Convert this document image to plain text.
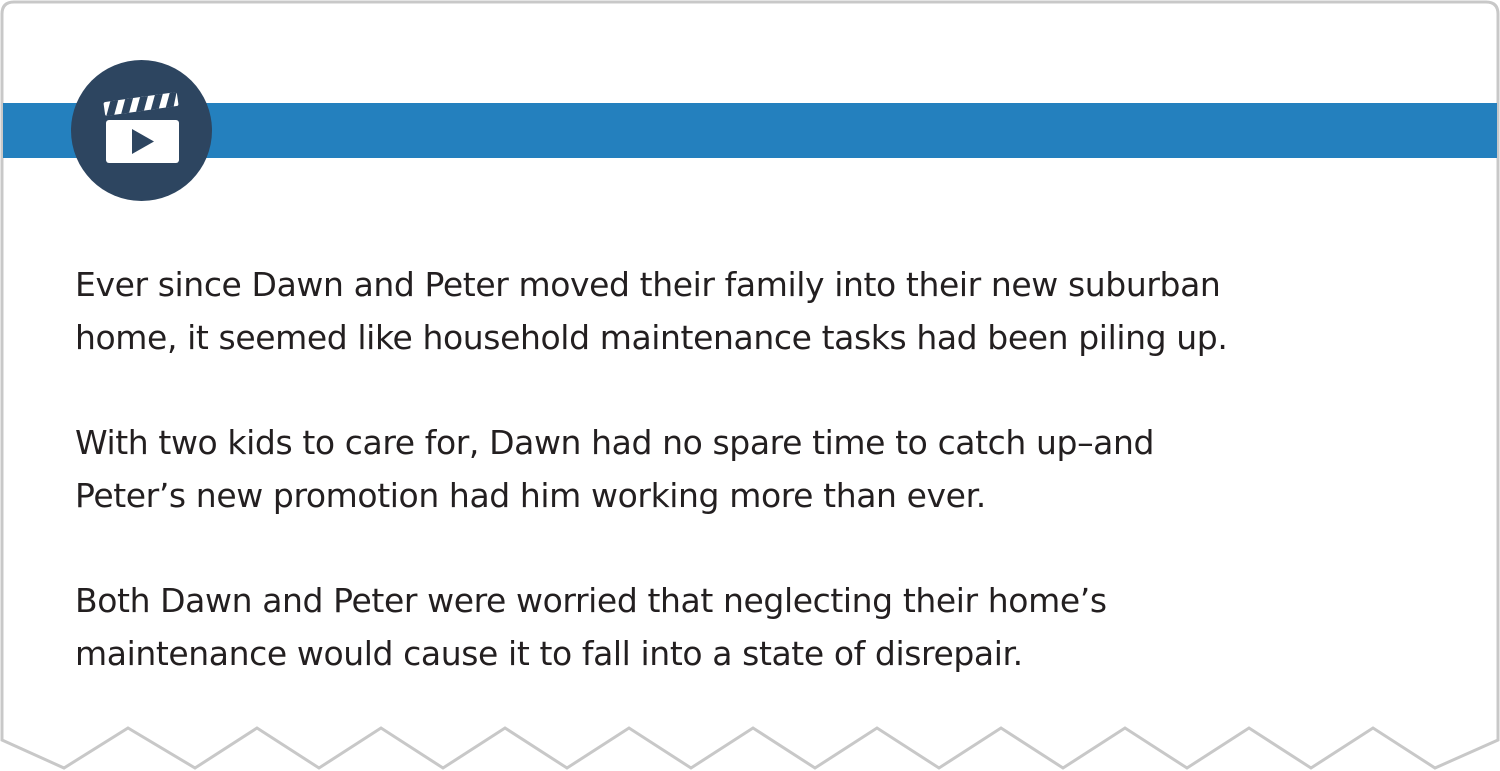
Ever since Dawn and Peter moved their family into their new suburban
home, it seemed like household maintenance tasks had been piling up.

With two kids to care for, Dawn had no spare time to catch up–and
Peter’s new promotion had him working more than ever.

Both Dawn and Peter were worried that neglecting their home’s
maintenance would cause it to fall into a state of disrepair.
